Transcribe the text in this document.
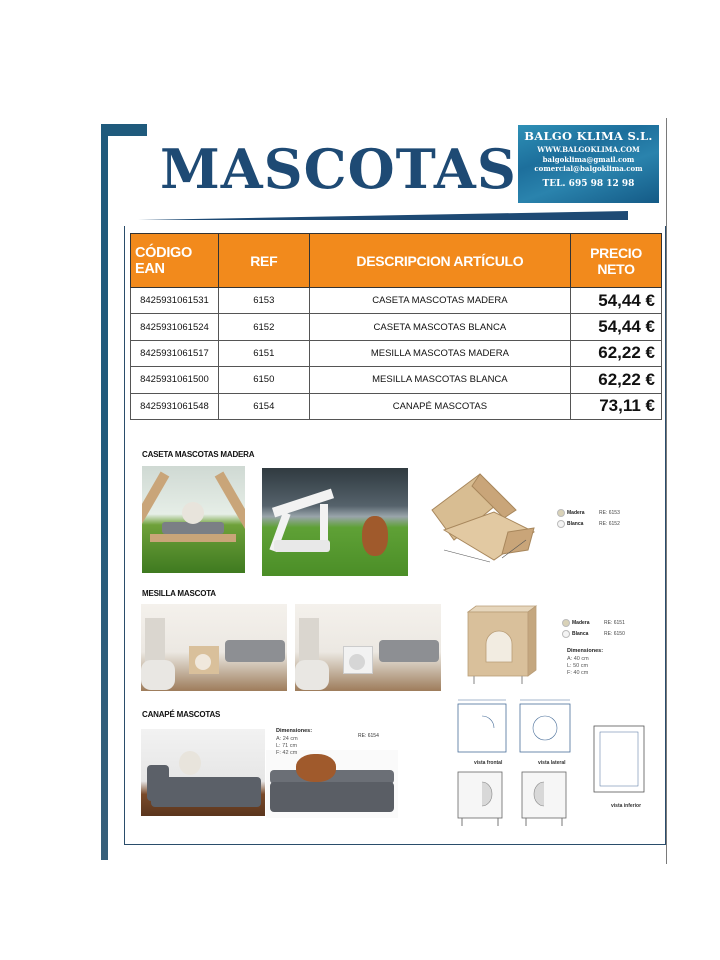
MASCOTAS
BALGO KLIMA S.L.
WWW.BALGOKLIMA.COM
balgoklima@gmail.com
comercial@balgoklima.com
TEL. 695 98 12 98
CÓDIGO EAN	REF	DESCRIPCION ARTÍCULO	PRECIO NETO
8425931061531	6153	CASETA MASCOTAS MADERA	54,44 €
8425931061524	6152	CASETA MASCOTAS BLANCA	54,44 €
8425931061517	6151	MESILLA MASCOTAS MADERA	62,22 €
8425931061500	6150	MESILLA MASCOTAS BLANCA	62,22 €
8425931061548	6154	CANAPÉ MASCOTAS	73,11 €
CASETA MASCOTAS MADERA
Madera	RE: 6153
Blanca	RE: 6152
MESILLA MASCOTA
Madera	RE: 6151
Blanca	RE: 6150
Dimensiones:
A: 40 cm
L: 50 cm
F: 40 cm
CANAPÉ MASCOTAS
Dimensiones:
A: 24 cm
L: 71 cm
F: 42 cm
RE: 6154
vista frontal	vista lateral
vista inferior
